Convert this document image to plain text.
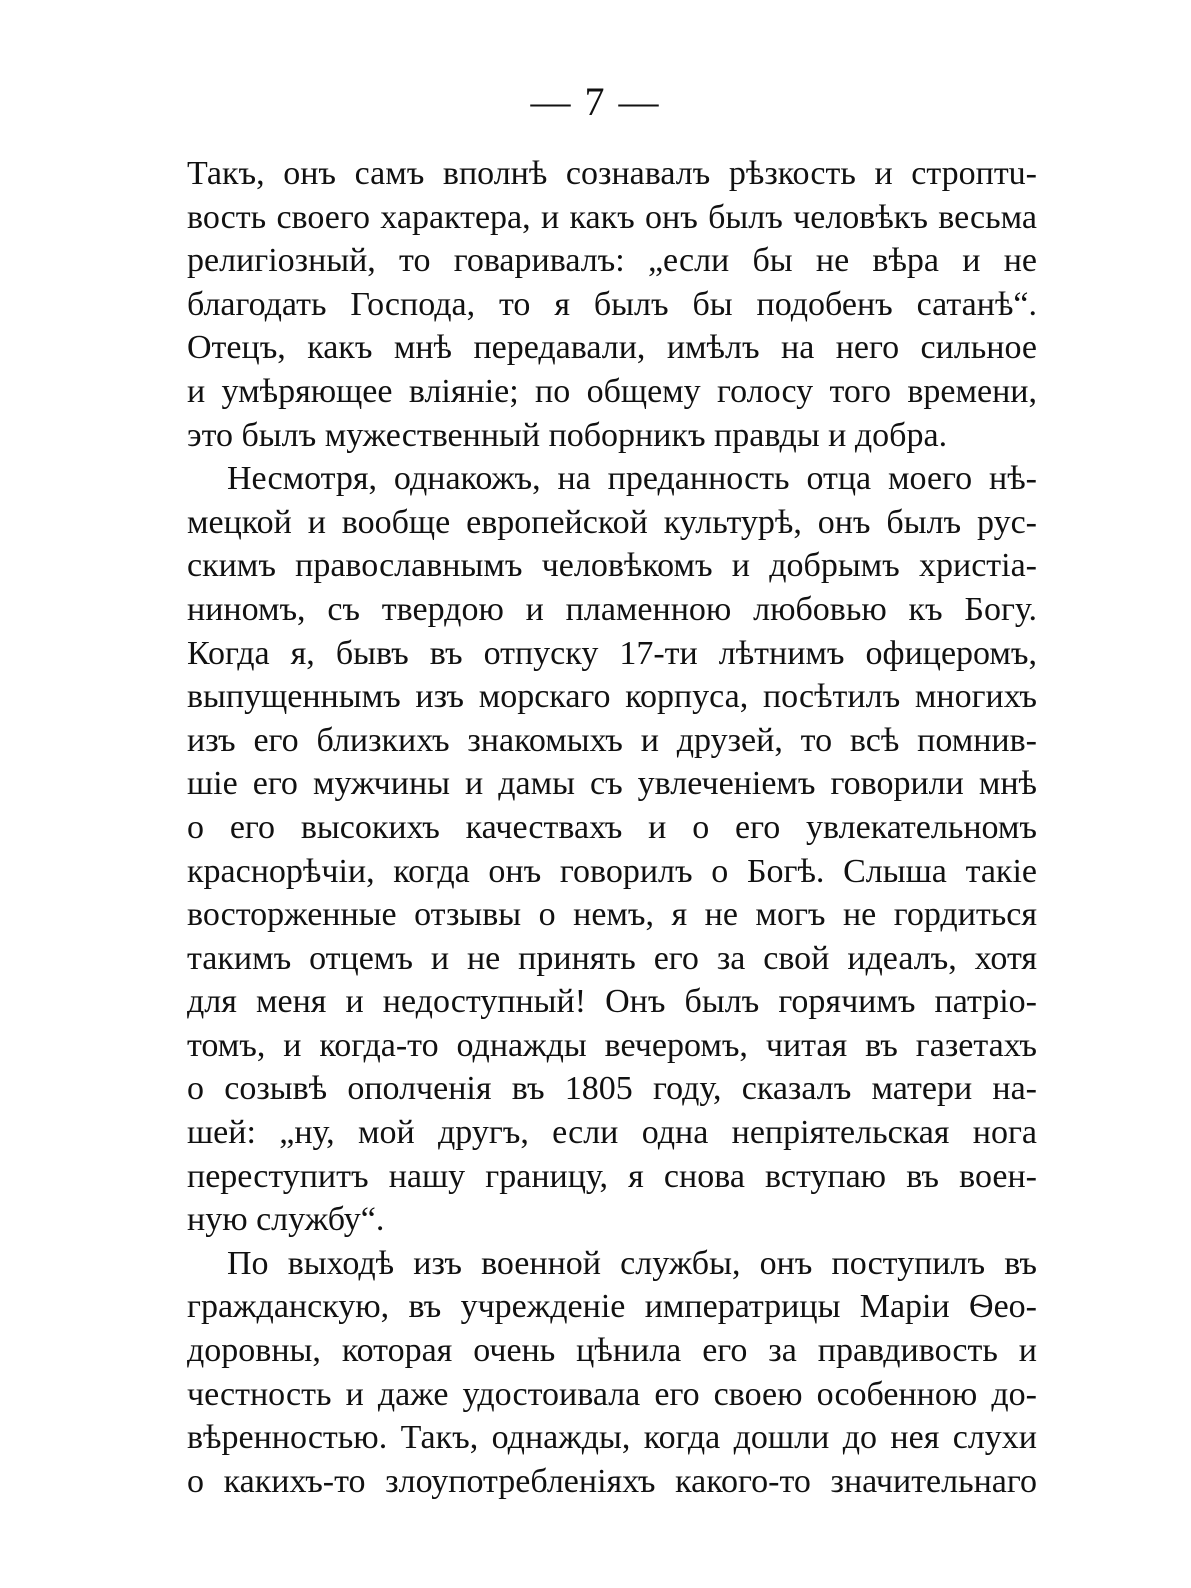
— 7 —
Такъ, онъ самъ вполнѣ сознавалъ рѣзкость и строптu-
вость своего характера, и какъ онъ былъ человѣкъ весьма
религiозный, то говаривалъ: „если бы не вѣра и не
благодать Господа, то я былъ бы подобенъ сатанѣ“.
Отецъ, какъ мнѣ передавали, имѣлъ на него сильное
и умѣряющее влiянiе; по общему голосу того времени,
это былъ мужественный поборникъ правды и добра.
Несмотря, однакожъ, на преданность отца моего нѣ-
мецкой и вообще европейской культурѣ, онъ былъ рус-
скимъ православнымъ человѣкомъ и добрымъ христiа-
ниномъ, съ твердою и пламенною любовью къ Богу.
Когда я, бывъ въ отпуску 17-ти лѣтнимъ офицеромъ,
выпущеннымъ изъ морскаго корпуса, посѣтилъ многихъ
изъ его близкихъ знакомыхъ и друзей, то всѣ помнив-
шiе его мужчины и дамы съ увлеченiемъ говорили мнѣ
о его высокихъ качествахъ и о его увлекательномъ
краснорѣчiи, когда онъ говорилъ о Богѣ. Слыша такiе
восторженные отзывы о немъ, я не могъ не гордиться
такимъ отцемъ и не принять его за свой идеалъ, хотя
для меня и недоступный! Онъ былъ горячимъ патрiо-
томъ, и когда-то однажды вечеромъ, читая въ газетахъ
о созывѣ ополченiя въ 1805 году, сказалъ матери на-
шей: „ну, мой другъ, если одна непрiятельская нога
переступитъ нашу границу, я снова вступаю въ воен-
ную службу“.
По выходѣ изъ военной службы, онъ поступилъ въ
гражданскую, въ учрежденiе императрицы Марiи Ѳео-
доровны, которая очень цѣнила его за правдивость и
честность и даже удостоивала его своею особенною до-
вѣренностью. Такъ, однажды, когда дошли до нея слухи
о какихъ-то злоупотребленiяхъ какого-то значительнаго
